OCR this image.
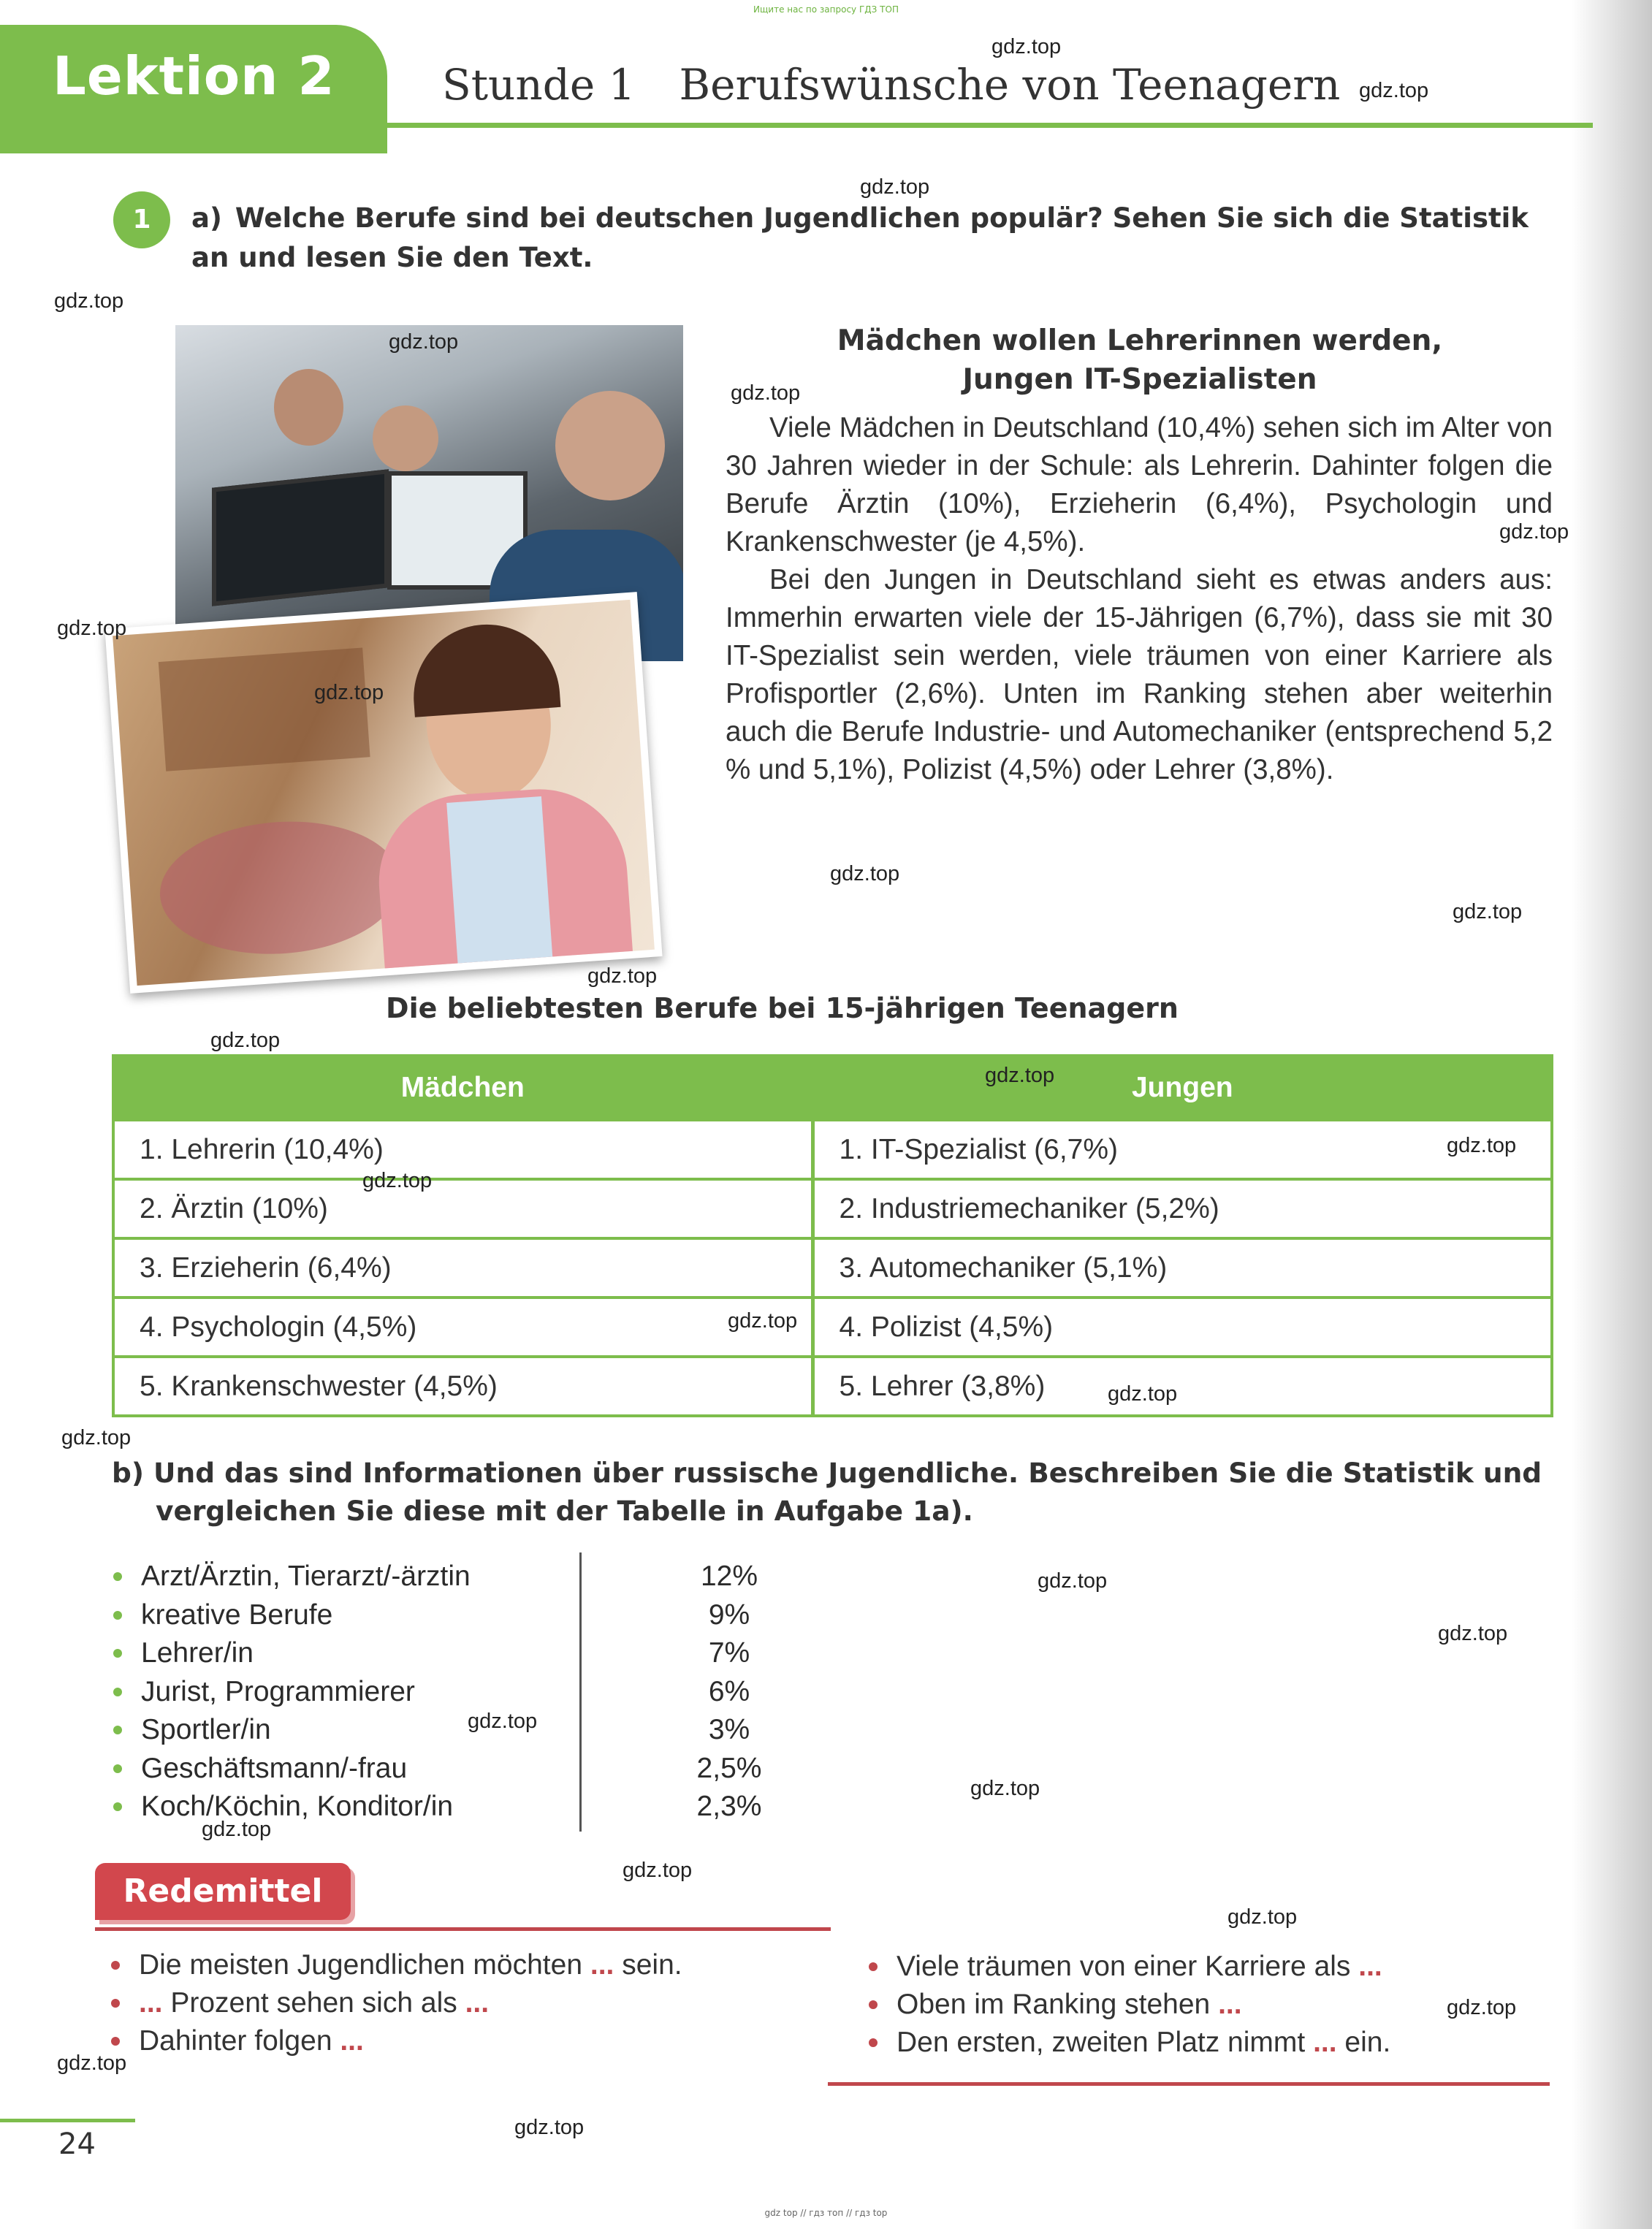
Ищите нас по запросу ГДЗ ТОП
Lektion 2	Stunde 1 Berufswünsche von Teenagern
1	a) Welche Berufe sind bei deutschen Jugendlichen populär? Sehen Sie sich die Statistik an und lesen Sie den Text.
Mädchen wollen Lehrerinnen werden,
Jungen IT-Spezialisten

Viele Mädchen in Deutschland (10,4%) sehen sich im Alter von 30 Jahren wieder in der Schule: als Lehrerin. Dahinter folgen die Berufe Ärztin (10%), Erzieherin (6,4%), Psychologin und Krankenschwester (je 4,5%).

Bei den Jungen in Deutschland sieht es etwas anders aus: Immerhin erwarten viele der 15-Jährigen (6,7%), dass sie mit 30 IT-Spezialist sein werden, viele träumen von einer Karriere als Profisportler (2,6%). Unten im Ranking stehen aber weiterhin auch die Berufe Industrie- und Automechaniker (entsprechend 5,2 % und 5,1%), Polizist (4,5%) oder Lehrer (3,8%).

Die beliebtesten Berufe bei 15-jährigen Teenagern
Mädchen	Jungen
1. Lehrerin (10,4%)	1. IT-Spezialist (6,7%)
2. Ärztin (10%)	2. Industriemechaniker (5,2%)
3. Erzieherin (6,4%)	3. Automechaniker (5,1%)
4. Psychologin (4,5%)	4. Polizist (4,5%)
5. Krankenschwester (4,5%)	5. Lehrer (3,8%)
b) Und das sind Informationen über russische Jugendliche. Beschreiben Sie die Statistik und vergleichen Sie diese mit der Tabelle in Aufgabe 1a).
Arzt/Ärztin, Tierarzt/-ärztin	12%
kreative Berufe	9%
Lehrer/in	7%
Jurist, Programmierer	6%
Sportler/in	3%
Geschäftsmann/-frau	2,5%
Koch/Köchin, Konditor/in	2,3%
Redemittel
Die meisten Jugendlichen möchten ... sein.
... Prozent sehen sich als ...
Dahinter folgen ...
Viele träumen von einer Karriere als ...
Oben im Ranking stehen ...
Den ersten, zweiten Platz nimmt ... ein.
24
gdz top // гдз топ // гдз top
gdz.top
gdz.top
gdz.top
gdz.top
gdz.top
gdz.top
gdz.top
gdz.top
gdz.top
gdz.top
gdz.top
gdz.top
gdz.top
gdz.top
gdz.top
gdz.top
gdz.top
gdz.top
gdz.top
gdz.top
gdz.top
gdz.top
gdz.top
gdz.top
gdz.top
gdz.top
gdz.top
gdz.top
gdz.top
